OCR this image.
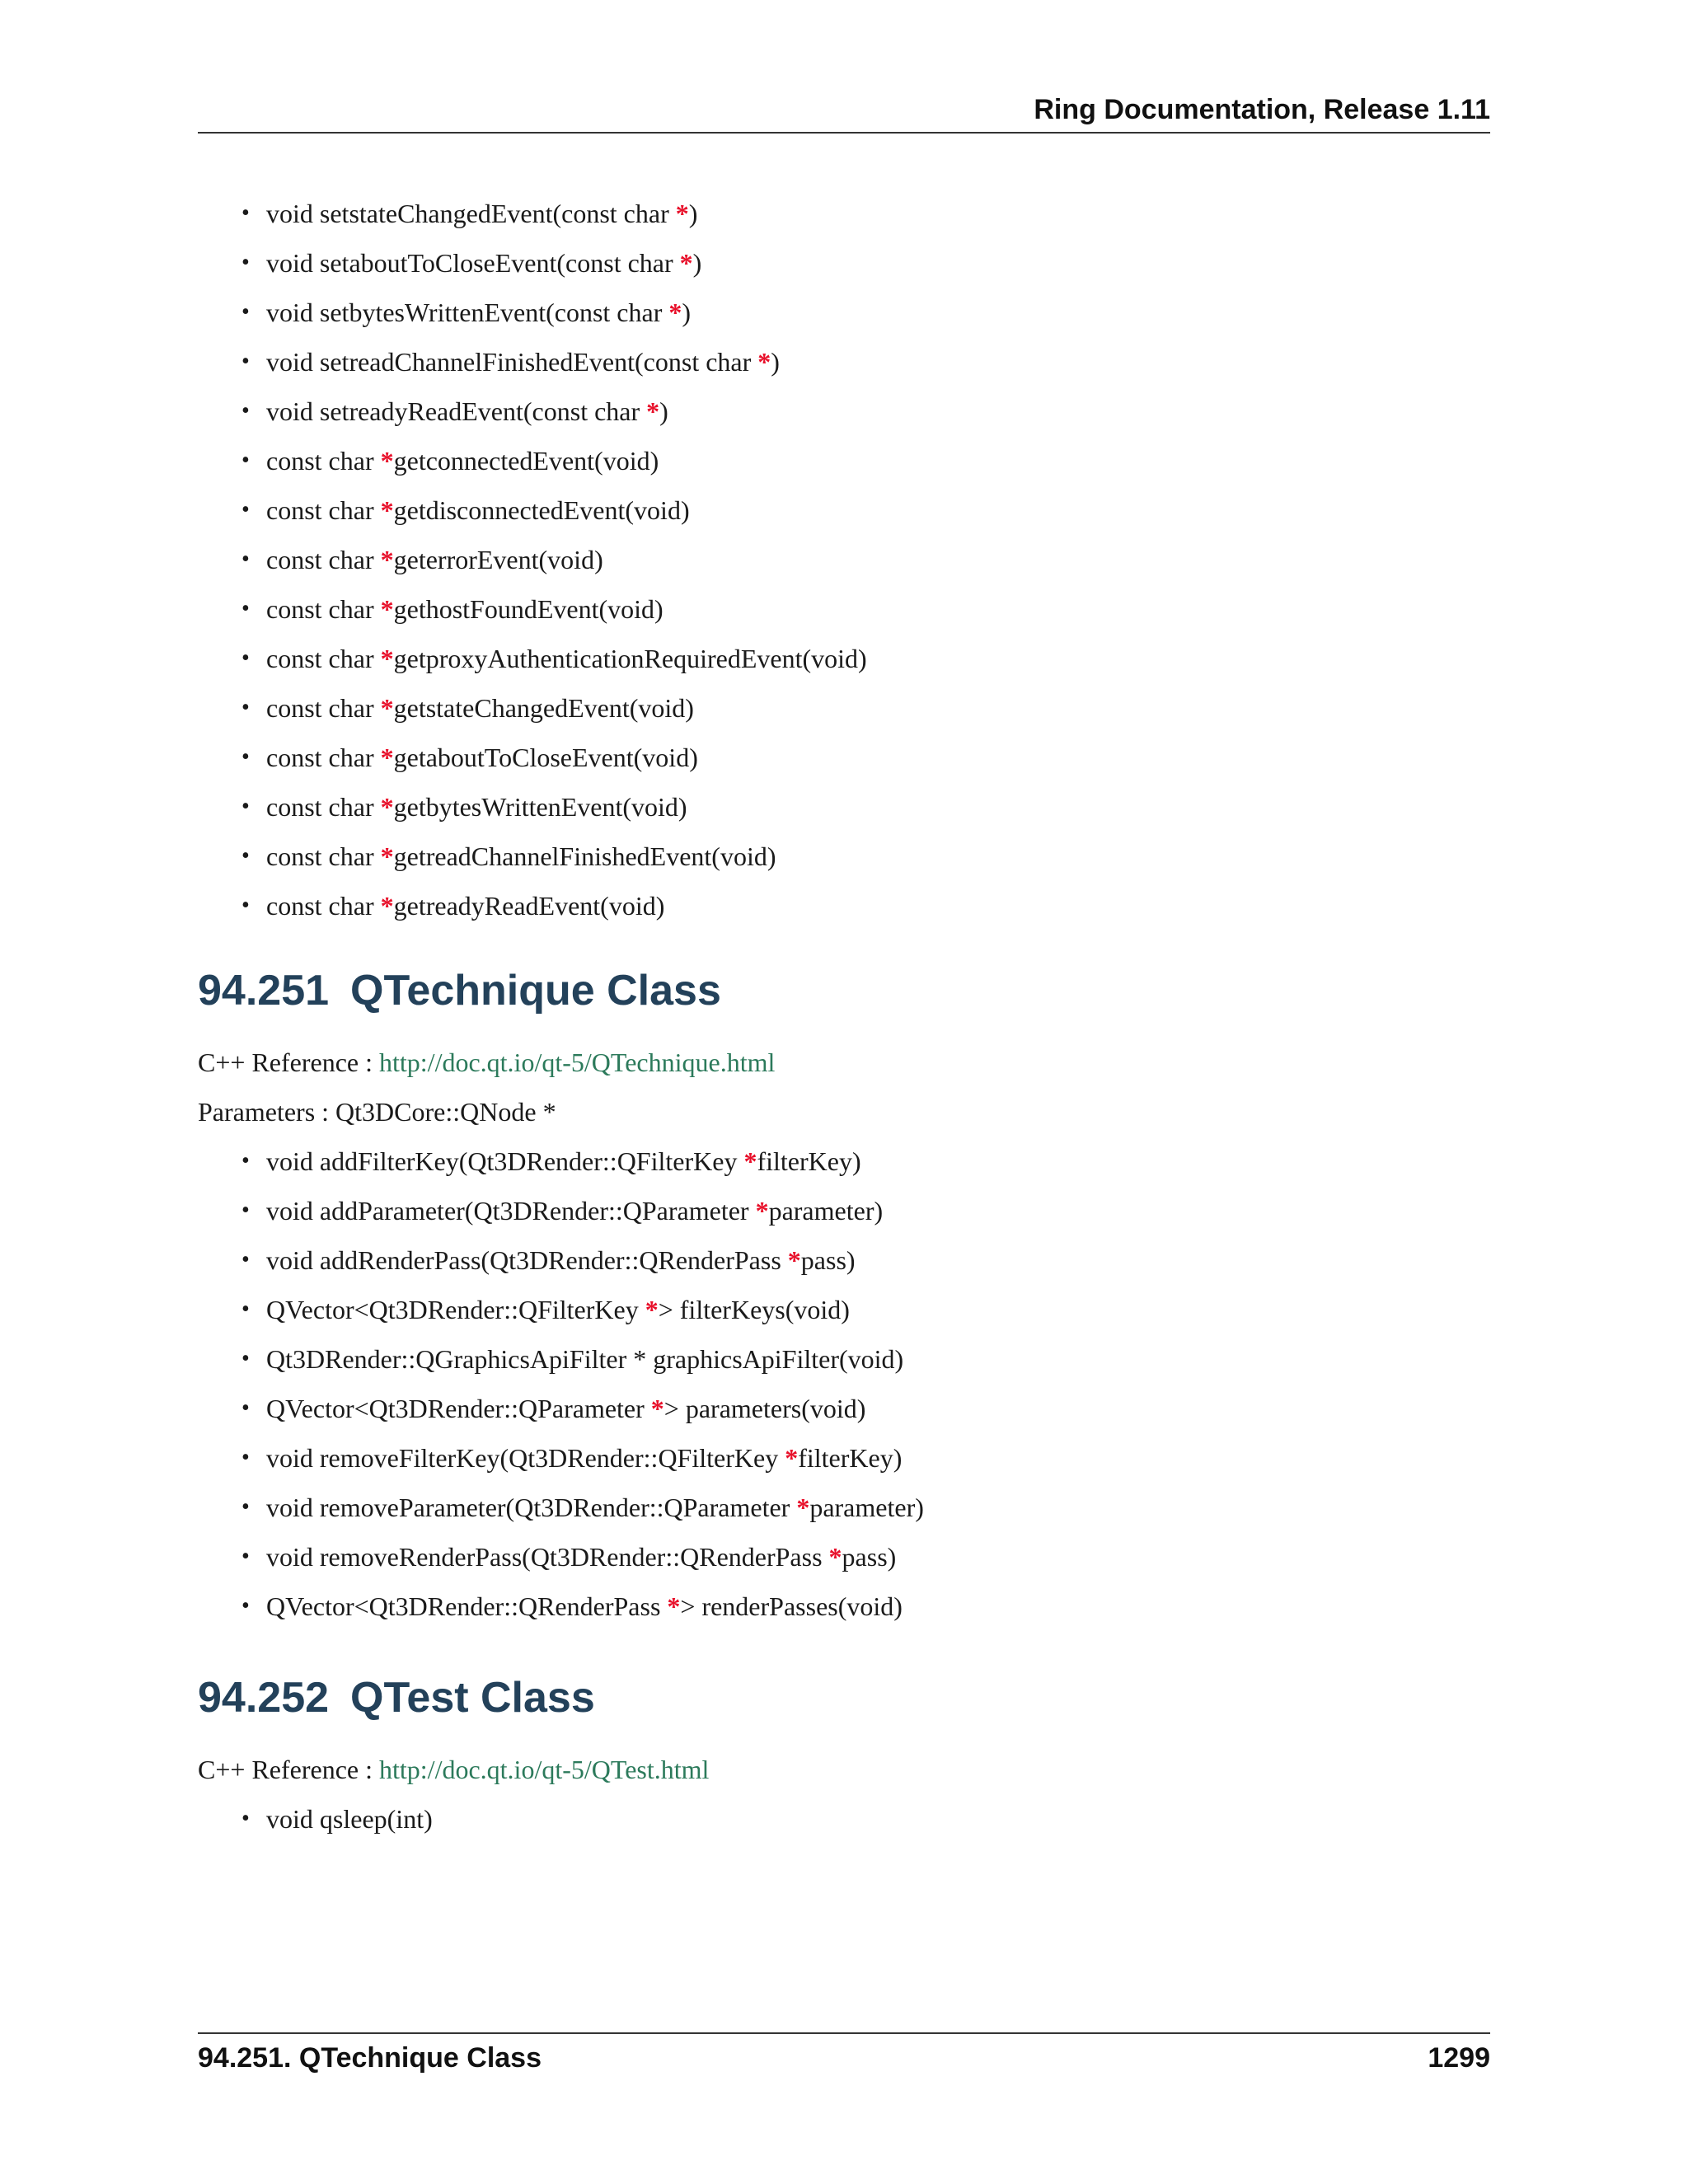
Ring Documentation, Release 1.11
• void setstateChangedEvent(const char *)
• void setaboutToCloseEvent(const char *)
• void setbytesWrittenEvent(const char *)
• void setreadChannelFinishedEvent(const char *)
• void setreadyReadEvent(const char *)
• const char *getconnectedEvent(void)
• const char *getdisconnectedEvent(void)
• const char *geterrorEvent(void)
• const char *gethostFoundEvent(void)
• const char *getproxyAuthenticationRequiredEvent(void)
• const char *getstateChangedEvent(void)
• const char *getaboutToCloseEvent(void)
• const char *getbytesWrittenEvent(void)
• const char *getreadChannelFinishedEvent(void)
• const char *getreadyReadEvent(void)
94.251 QTechnique Class

C++ Reference : http://doc.qt.io/qt-5/QTechnique.html

Parameters : Qt3DCore::QNode *

• void addFilterKey(Qt3DRender::QFilterKey *filterKey)
• void addParameter(Qt3DRender::QParameter *parameter)
• void addRenderPass(Qt3DRender::QRenderPass *pass)
• QVector<Qt3DRender::QFilterKey *> filterKeys(void)
• Qt3DRender::QGraphicsApiFilter * graphicsApiFilter(void)
• QVector<Qt3DRender::QParameter *> parameters(void)
• void removeFilterKey(Qt3DRender::QFilterKey *filterKey)
• void removeParameter(Qt3DRender::QParameter *parameter)
• void removeRenderPass(Qt3DRender::QRenderPass *pass)
• QVector<Qt3DRender::QRenderPass *> renderPasses(void)
94.252 QTest Class

C++ Reference : http://doc.qt.io/qt-5/QTest.html

• void qsleep(int)
94.251. QTechnique Class	1299
